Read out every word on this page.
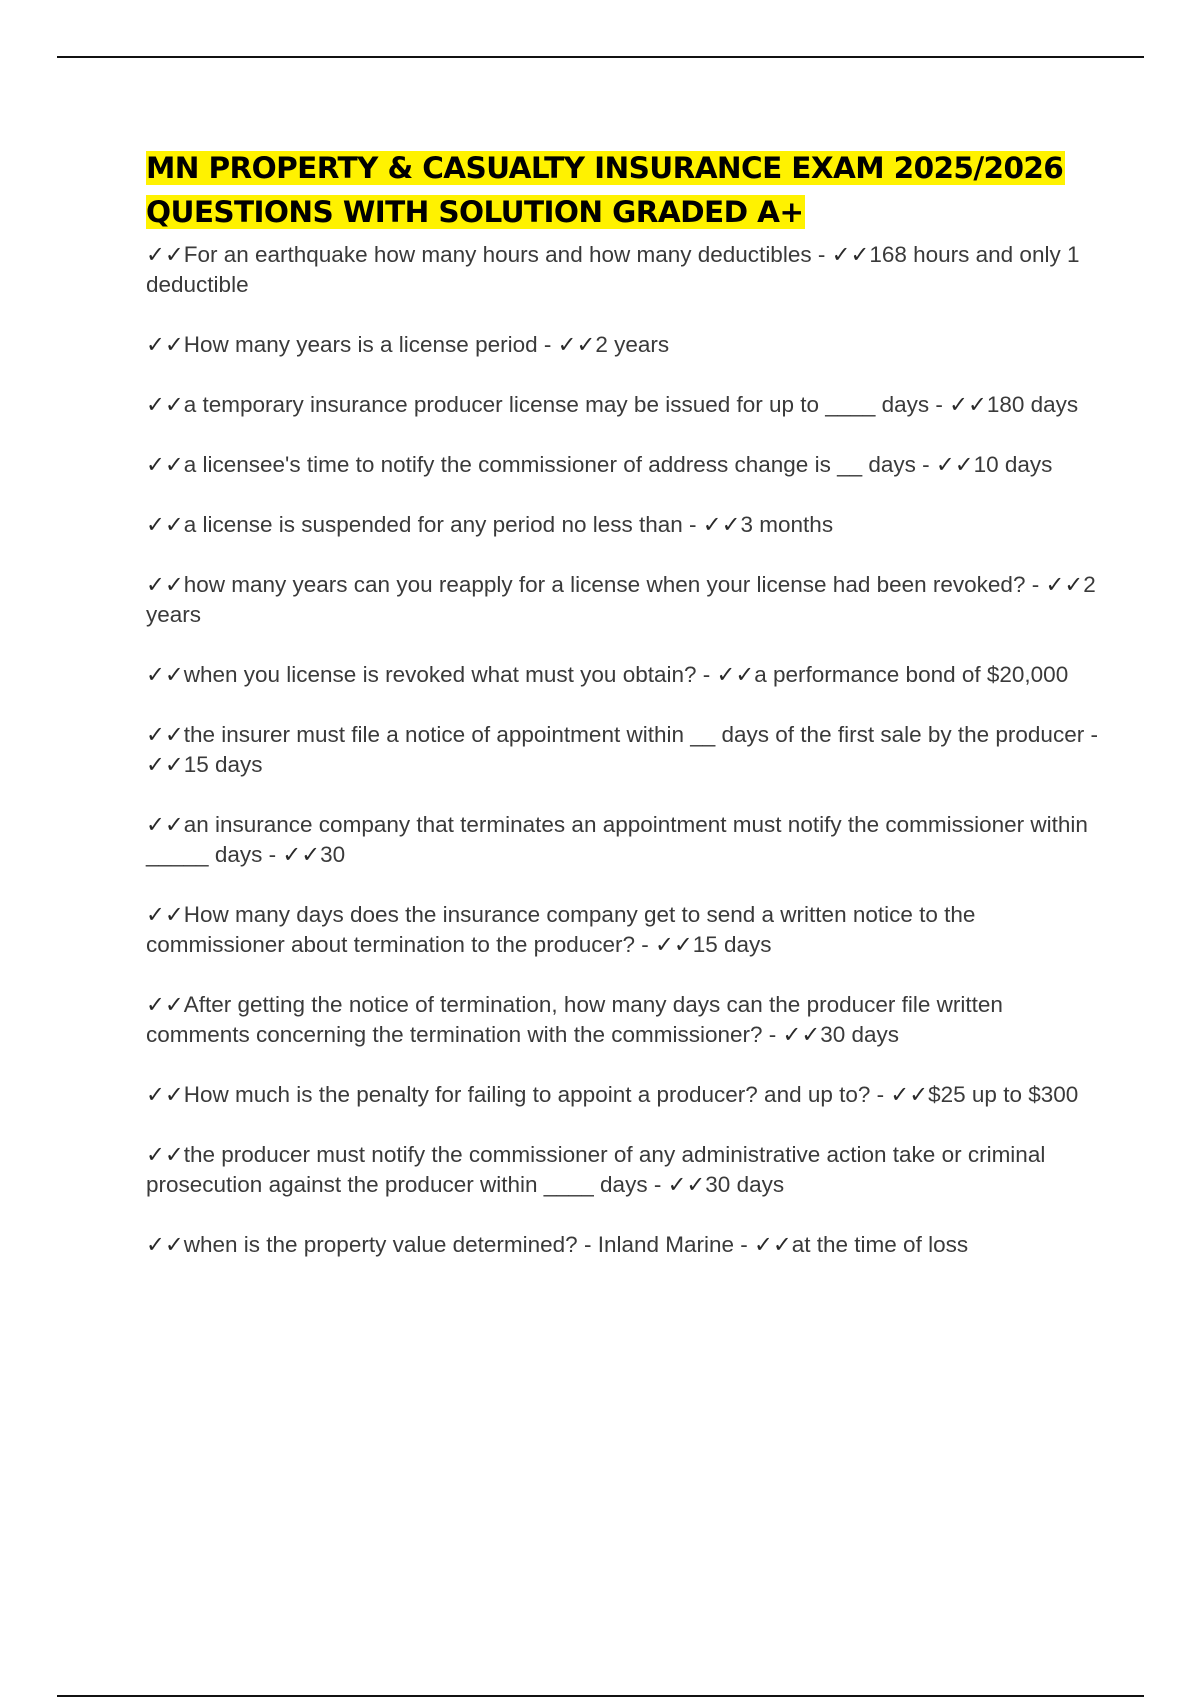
MN PROPERTY & CASUALTY INSURANCE EXAM 2025/2026 QUESTIONS WITH SOLUTION GRADED A+
✓✓For an earthquake how many hours and how many deductibles - ✓✓168 hours and only 1 deductible
✓✓How many years is a license period - ✓✓2 years
✓✓a temporary insurance producer license may be issued for up to ____ days - ✓✓180 days
✓✓a licensee's time to notify the commissioner of address change is __ days - ✓✓10 days
✓✓a license is suspended for any period no less than - ✓✓3 months
✓✓how many years can you reapply for a license when your license had been revoked? - ✓✓2 years
✓✓when you license is revoked what must you obtain? - ✓✓a performance bond of $20,000
✓✓the insurer must file a notice of appointment within __ days of the first sale by the producer - ✓✓15 days
✓✓an insurance company that terminates an appointment must notify the commissioner within _____ days - ✓✓30
✓✓How many days does the insurance company get to send a written notice to the commissioner about termination to the producer? - ✓✓15 days
✓✓After getting the notice of termination, how many days can the producer file written comments concerning the termination with the commissioner? - ✓✓30 days
✓✓How much is the penalty for failing to appoint a producer? and up to? - ✓✓$25 up to $300
✓✓the producer must notify the commissioner of any administrative action take or criminal prosecution against the producer within ____ days - ✓✓30 days
✓✓when is the property value determined? - Inland Marine - ✓✓at the time of loss
